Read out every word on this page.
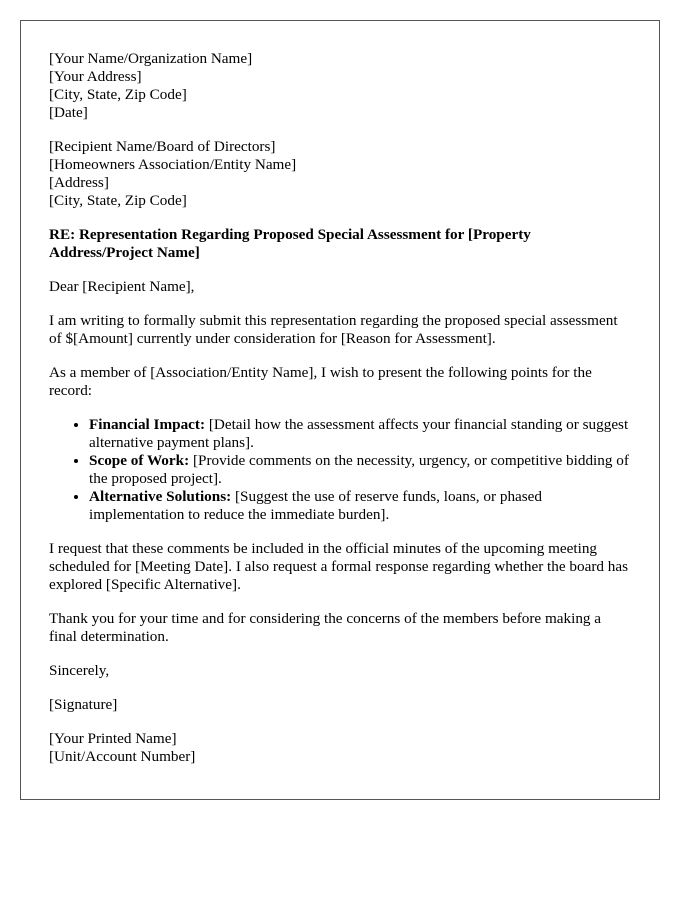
[Your Name/Organization Name]
[Your Address]
[City, State, Zip Code]
[Date]
[Recipient Name/Board of Directors]
[Homeowners Association/Entity Name]
[Address]
[City, State, Zip Code]

RE: Representation Regarding Proposed Special Assessment for [Property Address/Project Name]

Dear [Recipient Name],

I am writing to formally submit this representation regarding the proposed special assessment of $[Amount] currently under consideration for [Reason for Assessment].

As a member of [Association/Entity Name], I wish to present the following points for the record:

• Financial Impact: [Detail how the assessment affects your financial standing or suggest alternative payment plans].
• Scope of Work: [Provide comments on the necessity, urgency, or competitive bidding of the proposed project].
• Alternative Solutions: [Suggest the use of reserve funds, loans, or phased implementation to reduce the immediate burden].

I request that these comments be included in the official minutes of the upcoming meeting scheduled for [Meeting Date]. I also request a formal response regarding whether the board has explored [Specific Alternative].

Thank you for your time and for considering the concerns of the members before making a final determination.

Sincerely,

[Signature]

[Your Printed Name]
[Unit/Account Number]
